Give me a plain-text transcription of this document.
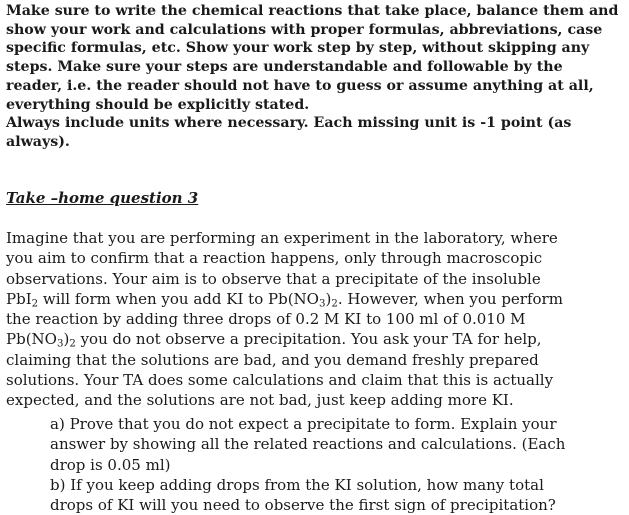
Make sure to write the chemical reactions that take place, balance them and show your work and calculations with proper formulas, abbreviations, case specific formulas, etc. Show your work step by step, without skipping any steps. Make sure your steps are understandable and followable by the reader, i.e. the reader should not have to guess or assume anything at all, everything should be explicitly stated.

Always include units where necessary. Each missing unit is -1 point (as always).

Take –home question 3

Imagine that you are performing an experiment in the laboratory, where you aim to confirm that a reaction happens, only through macroscopic observations. Your aim is to observe that a precipitate of the insoluble PbI$_2$ will form when you add KI to $Pb(NO_3)_2$. However, when you perform the reaction by adding three drops of 0.2 M KI to 100 ml of 0.010 M $Pb(NO_3)_2$ you do not observe a precipitation. You ask your TA for help, claiming that the solutions are bad, and you demand freshly prepared solutions. Your TA does some calculations and claim that this is actually expected, and the solutions are not bad, just keep adding more KI.

a) Prove that you do not expect a precipitate to form. Explain your answer by showing all the related reactions and calculations. (Each drop is 0.05 ml)

b) If you keep adding drops from the KI solution, how many total drops of KI will you need to observe the first sign of precipitation?
